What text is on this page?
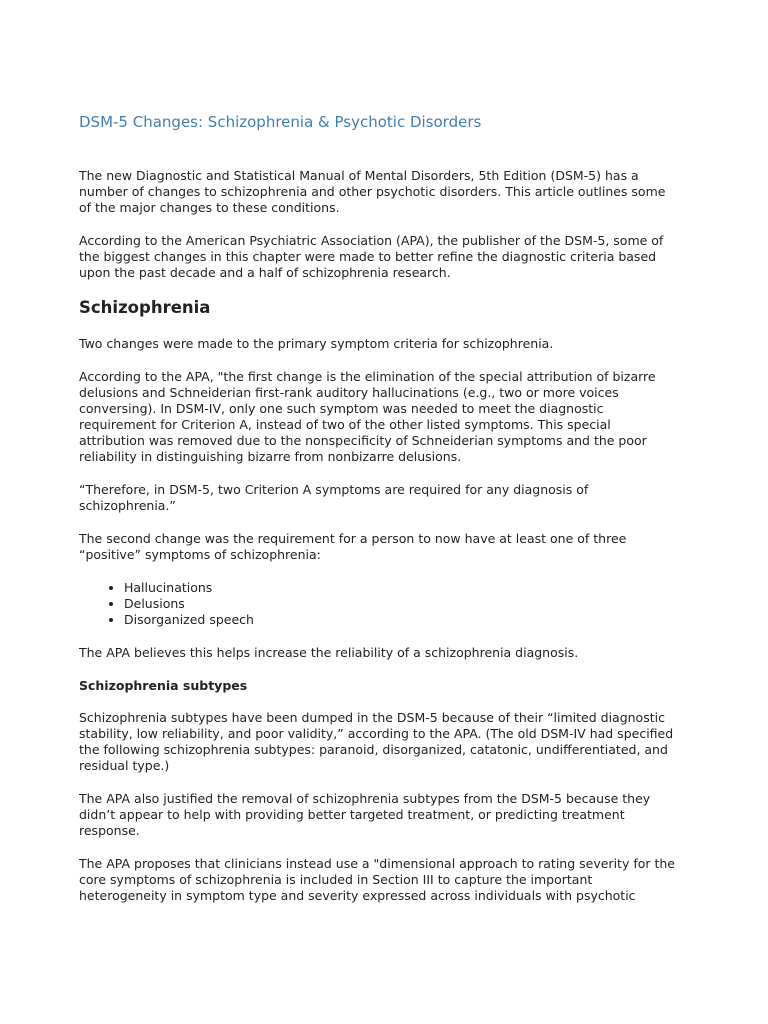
DSM-5 Changes: Schizophrenia & Psychotic Disorders

The new Diagnostic and Statistical Manual of Mental Disorders, 5th Edition (DSM-5) has a number of changes to schizophrenia and other psychotic disorders. This article outlines some of the major changes to these conditions.

According to the American Psychiatric Association (APA), the publisher of the DSM-5, some of the biggest changes in this chapter were made to better refine the diagnostic criteria based upon the past decade and a half of schizophrenia research.

Schizophrenia

Two changes were made to the primary symptom criteria for schizophrenia.

According to the APA, "the first change is the elimination of the special attribution of bizarre delusions and Schneiderian first-rank auditory hallucinations (e.g., two or more voices conversing). In DSM-IV, only one such symptom was needed to meet the diagnostic requirement for Criterion A, instead of two of the other listed symptoms. This special attribution was removed due to the nonspecificity of Schneiderian symptoms and the poor reliability in distinguishing bizarre from nonbizarre delusions.

“Therefore, in DSM-5, two Criterion A symptoms are required for any diagnosis of schizophrenia.”

The second change was the requirement for a person to now have at least one of three “positive” symptoms of schizophrenia:

• Hallucinations
• Delusions
• Disorganized speech

The APA believes this helps increase the reliability of a schizophrenia diagnosis.

Schizophrenia subtypes

Schizophrenia subtypes have been dumped in the DSM-5 because of their “limited diagnostic stability, low reliability, and poor validity,” according to the APA. (The old DSM-IV had specified the following schizophrenia subtypes: paranoid, disorganized, catatonic, undifferentiated, and residual type.)

The APA also justified the removal of schizophrenia subtypes from the DSM-5 because they didn’t appear to help with providing better targeted treatment, or predicting treatment response.

The APA proposes that clinicians instead use a "dimensional approach to rating severity for the core symptoms of schizophrenia is included in Section III to capture the important heterogeneity in symptom type and severity expressed across individuals with psychotic
